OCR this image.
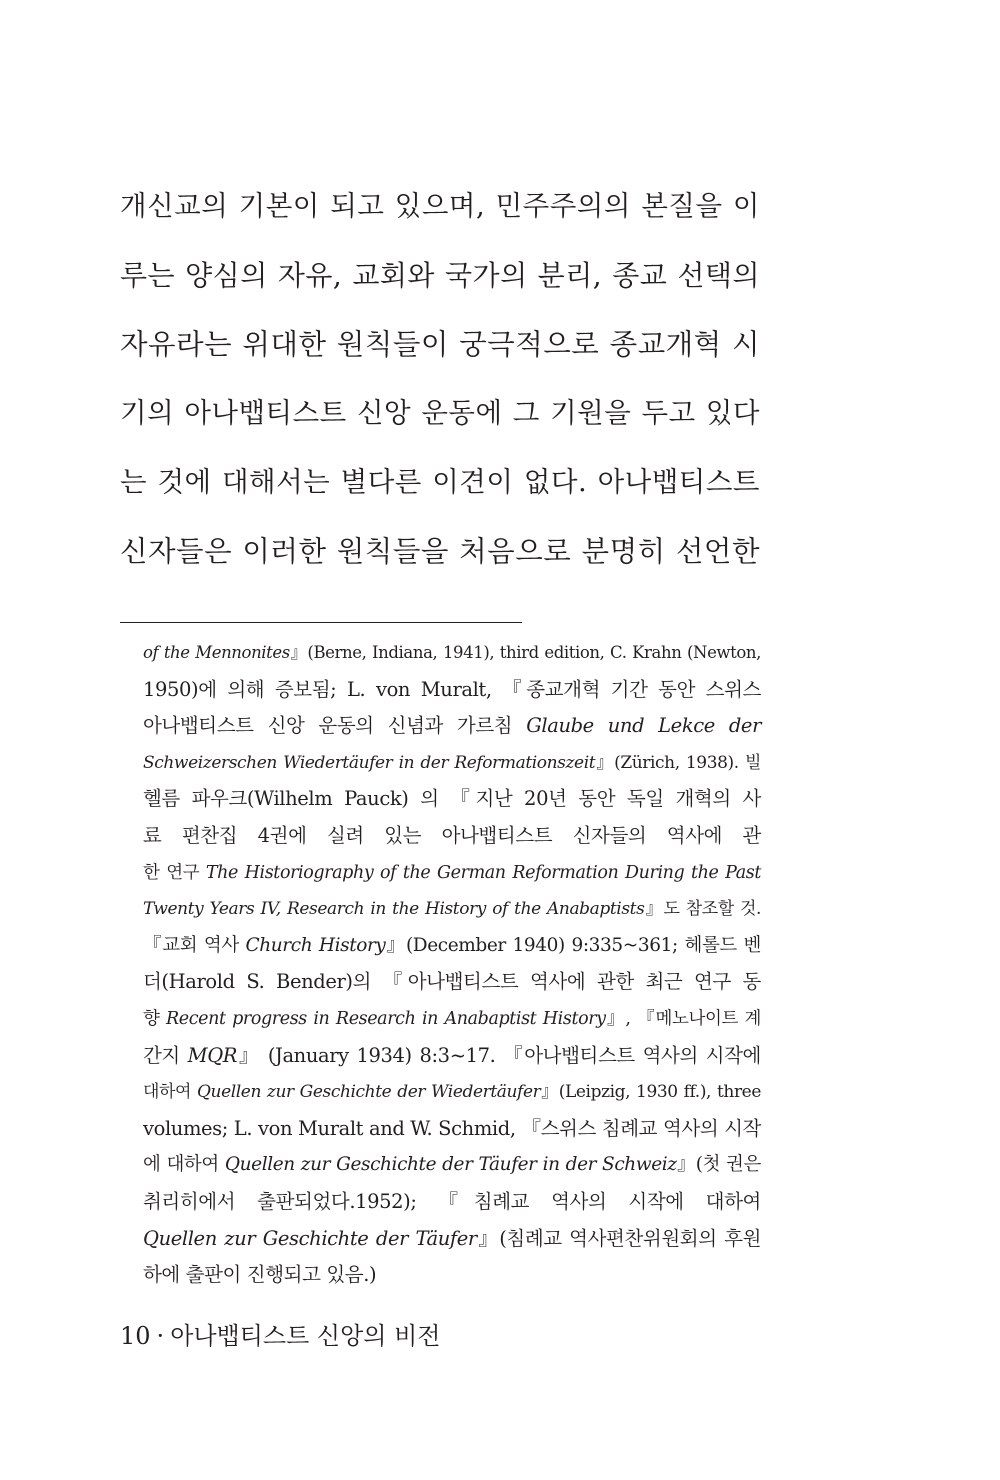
개신교의 기본이 되고 있으며, 민주주의의 본질을 이
루는 양심의 자유, 교회와 국가의 분리, 종교 선택의
자유라는 위대한 원칙들이 궁극적으로 종교개혁 시
기의 아나뱁티스트 신앙 운동에 그 기원을 두고 있다
는 것에 대해서는 별다른 이견이 없다. 아나뱁티스트
신자들은 이러한 원칙들을 처음으로 분명히 선언한
of the Mennonites』(Berne, Indiana, 1941), third edition, C. Krahn (Newton,
1950)에 의해 증보됨; L. von Muralt, 『종교개혁 기간 동안 스위스
아나뱁티스트 신앙 운동의 신념과 가르침 Glaube und Lekce der
Schweizerschen Wiedertäufer in der Reformationszeit』(Zürich, 1938). 빌
헬름 파우크(Wilhelm Pauck) 의 『지난 20년 동안 독일 개혁의 사
료 편찬집 4권에 실려 있는 아나뱁티스트 신자들의 역사에 관
한 연구 The Historiography of the German Reformation During the Past
Twenty Years IV, Research in the History of the Anabaptists』도 참조할 것.
『교회 역사 Church History』(December 1940) 9:335~361; 헤롤드 벤
더(Harold S. Bender)의 『아나뱁티스트 역사에 관한 최근 연구 동
향 Recent progress in Research in Anabaptist History』, 『메노나이트 계
간지 MQR』 (January 1934) 8:3~17. 『아나뱁티스트 역사의 시작에
대하여 Quellen zur Geschichte der Wiedertäufer』(Leipzig, 1930 ff.), three
volumes; L. von Muralt and W. Schmid, 『스위스 침례교 역사의 시작
에 대하여 Quellen zur Geschichte der Täufer in der Schweiz』(첫 권은
취리히에서 출판되었다.1952); 『침례교 역사의 시작에 대하여
Quellen zur Geschichte der Täufer』(침례교 역사편찬위원회의 후원
하에 출판이 진행되고 있음.)
10 · 아나뱁티스트 신앙의 비전
